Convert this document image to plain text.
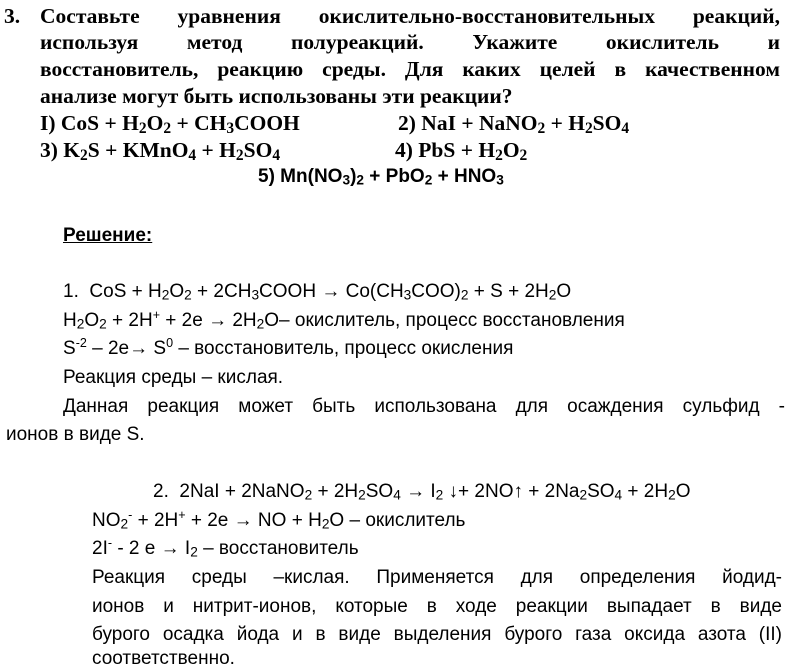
3. Составьте уравнения окислительно-восстановительных реакций,
используя метод полуреакций. Укажите окислитель и
восстановитель, реакцию среды. Для каких целей в качественном
анализе могут быть использованы эти реакции?
I) CoS + $H_2O_2$ + $CH_3COOH$	2) NaI + NaNO$_2$ + $H_2SO_4$
3) $K_2S$ + KMnO$_4$ + $H_2SO_4$	4) PbS + $H_2O_2$
5) $Mn(NO_3)_2 + PbO_2 + HNO_3$
Решение:
1.  CoS + $H_2O_2$ + $2CH_3COOH \to Co(CH_3COO)_2 + S + 2H_2O$
$H_2O_2 + 2H^+ + 2e \to 2H_2O-$ окислитель, процесс восстановления
$S^{-2} - 2e\to S^0$ – восстановитель, процесс окисления
Реакция среды – кислая.
Данная реакция может быть использована для осаждения сульфид -
ионов в виде S.
2.  2NaI + 2NaNO$_2$ + $2H_2SO_4 \to I_2$ ↓+ 2NO↑ + $2Na_2SO_4 + 2H_2O$
$NO_2^- + 2H^+ + 2e$ → NO + $H_2O$ – окислитель
2I- - 2 $e \to I_2$ – восстановитель
Реакция среды –кислая. Применяется для определения йодид-
ионов и нитрит-ионов, которые в ходе реакции выпадает в виде
бурого осадка йода и в виде выделения бурого газа оксида азота (II)
соответственно.
